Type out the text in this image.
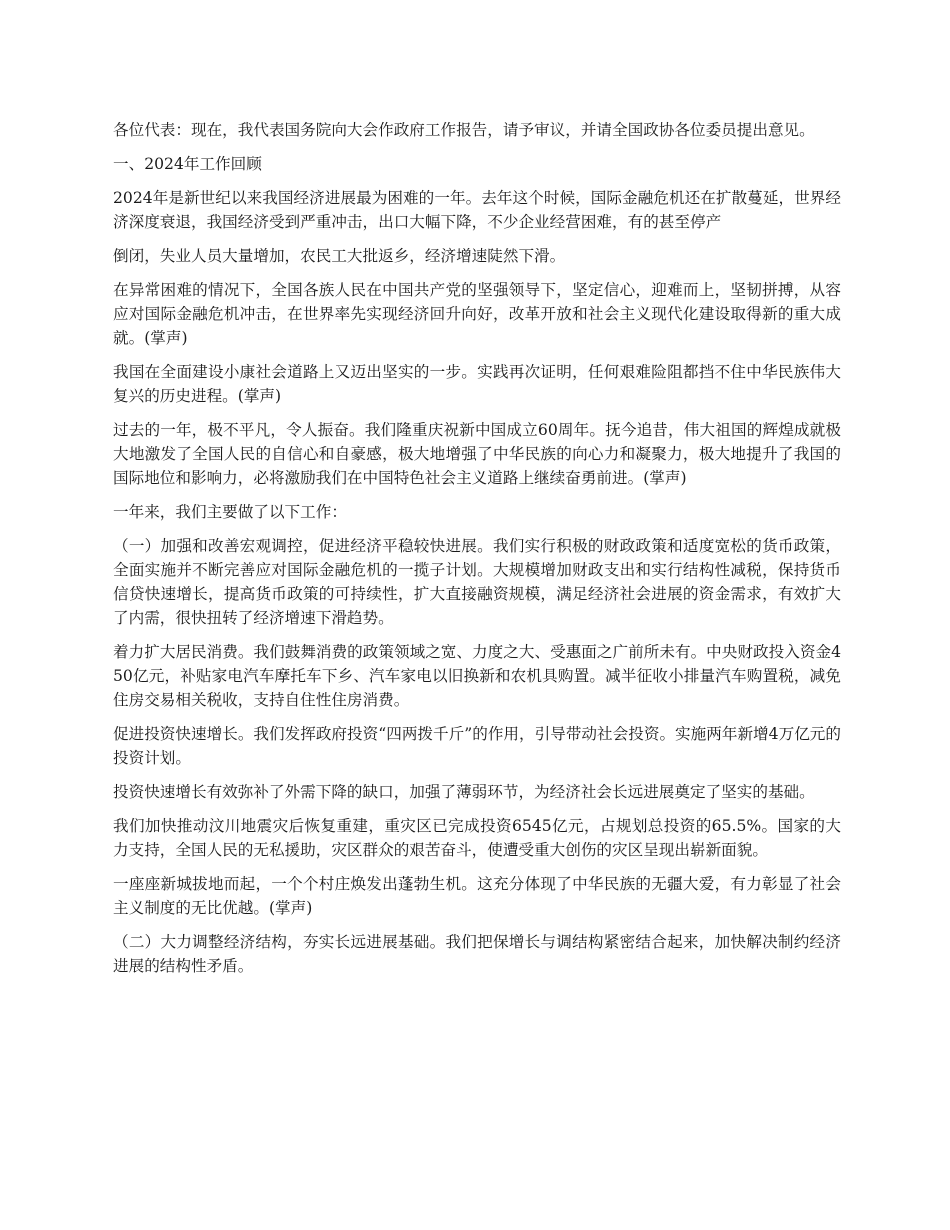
各位代表：现在，我代表国务院向大会作政府工作报告，请予审议，并请全国政协各位委员提出意见。

一、2024年工作回顾

2024年是新世纪以来我国经济进展最为困难的一年。去年这个时候，国际金融危机还在扩散蔓延，世界经济深度衰退，我国经济受到严重冲击，出口大幅下降，不少企业经营困难，有的甚至停产

倒闭，失业人员大量增加，农民工大批返乡，经济增速陡然下滑。

在异常困难的情况下，全国各族人民在中国共产党的坚强领导下，坚定信心，迎难而上，坚韧拼搏，从容应对国际金融危机冲击，在世界率先实现经济回升向好，改革开放和社会主义现代化建设取得新的重大成就。(掌声)

我国在全面建设小康社会道路上又迈出坚实的一步。实践再次证明，任何艰难险阻都挡不住中华民族伟大复兴的历史进程。(掌声)

过去的一年，极不平凡，令人振奋。我们隆重庆祝新中国成立60周年。抚今追昔，伟大祖国的辉煌成就极大地激发了全国人民的自信心和自豪感，极大地增强了中华民族的向心力和凝聚力，极大地提升了我国的国际地位和影响力，必将激励我们在中国特色社会主义道路上继续奋勇前进。(掌声)

一年来，我们主要做了以下工作：

（一）加强和改善宏观调控，促进经济平稳较快进展。我们实行积极的财政政策和适度宽松的货币政策，全面实施并不断完善应对国际金融危机的一揽子计划。大规模增加财政支出和实行结构性减税，保持货币信贷快速增长，提高货币政策的可持续性，扩大直接融资规模，满足经济社会进展的资金需求，有效扩大了内需，很快扭转了经济增速下滑趋势。

着力扩大居民消费。我们鼓舞消费的政策领域之宽、力度之大、受惠面之广前所未有。中央财政投入资金450亿元，补贴家电汽车摩托车下乡、汽车家电以旧换新和农机具购置。减半征收小排量汽车购置税，减免住房交易相关税收，支持自住性住房消费。

促进投资快速增长。我们发挥政府投资“四两拨千斤”的作用，引导带动社会投资。实施两年新增4万亿元的投资计划。

投资快速增长有效弥补了外需下降的缺口，加强了薄弱环节，为经济社会长远进展奠定了坚实的基础。

我们加快推动汶川地震灾后恢复重建，重灾区已完成投资6545亿元，占规划总投资的65.5%。国家的大力支持，全国人民的无私援助，灾区群众的艰苦奋斗，使遭受重大创伤的灾区呈现出崭新面貌。

一座座新城拔地而起，一个个村庄焕发出蓬勃生机。这充分体现了中华民族的无疆大爱，有力彰显了社会主义制度的无比优越。(掌声)

（二）大力调整经济结构，夯实长远进展基础。我们把保增长与调结构紧密结合起来，加快解决制约经济进展的结构性矛盾。
